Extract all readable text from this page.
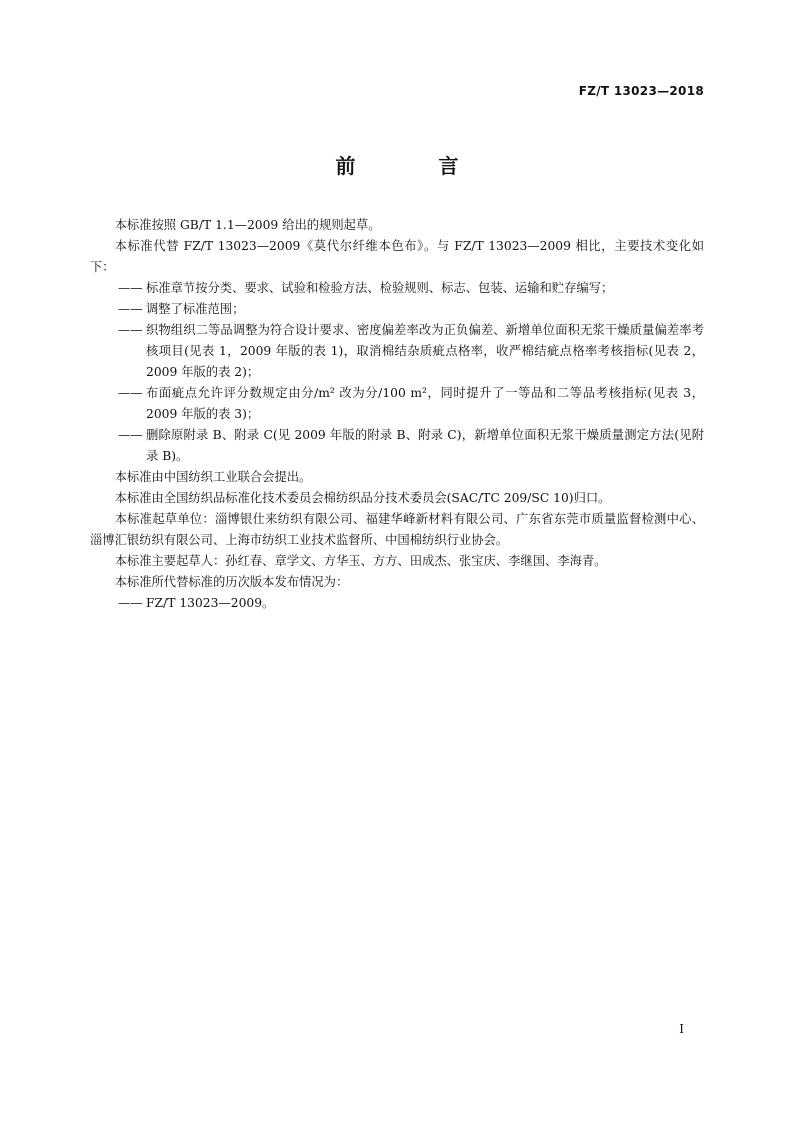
FZ/T 13023—2018
前 言

本标准按照 GB/T 1.1—2009 给出的规则起草。

本标准代替 FZ/T 13023—2009《莫代尔纤维本色布》。与 FZ/T 13023—2009 相比，主要技术变化如下：

—— 标准章节按分类、要求、试验和检验方法、检验规则、标志、包装、运输和贮存编写；

—— 调整了标准范围；

—— 织物组织二等品调整为符合设计要求、密度偏差率改为正负偏差、新增单位面积无浆干燥质量偏差率考核项目(见表 1，2009 年版的表 1)，取消棉结杂质疵点格率，收严棉结疵点格率考核指标(见表 2，2009 年版的表 2)；

—— 布面疵点允许评分数规定由分/m² 改为分/100 m²，同时提升了一等品和二等品考核指标(见表 3，2009 年版的表 3)；

—— 删除原附录 B、附录 C(见 2009 年版的附录 B、附录 C)，新增单位面积无浆干燥质量测定方法(见附录 B)。

本标准由中国纺织工业联合会提出。

本标准由全国纺织品标准化技术委员会棉纺织品分技术委员会(SAC/TC 209/SC 10)归口。

本标准起草单位：淄博银仕来纺织有限公司、福建华峰新材料有限公司、广东省东莞市质量监督检测中心、淄博汇银纺织有限公司、上海市纺织工业技术监督所、中国棉纺织行业协会。

本标准主要起草人：孙红春、章学文、方华玉、方方、田成杰、张宝庆、李继国、李海青。

本标准所代替标准的历次版本发布情况为：

—— FZ/T 13023—2009。

I
